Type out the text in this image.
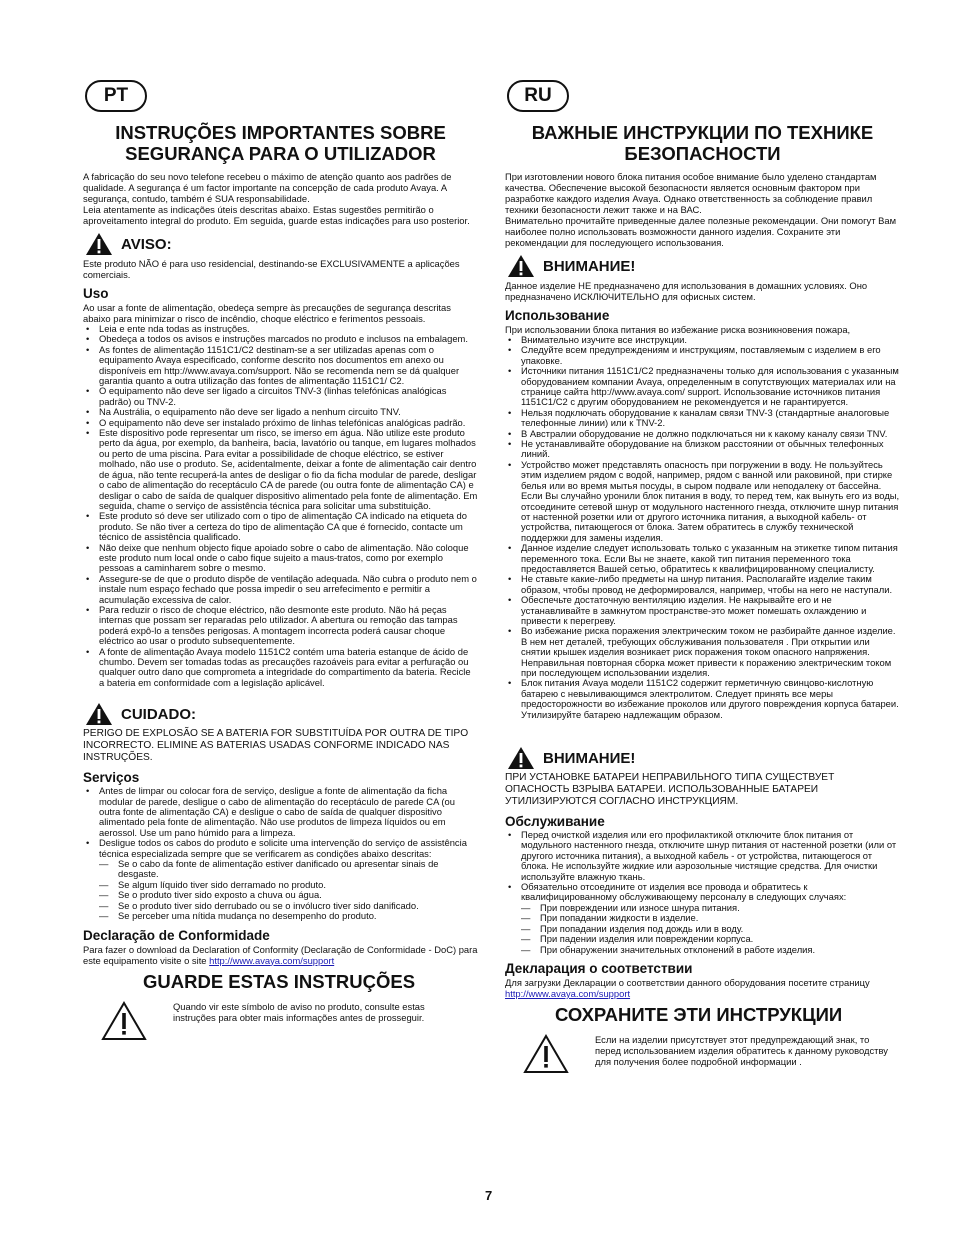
PT
INSTRUÇÕES IMPORTANTES SOBRE SEGURANÇA PARA O UTILIZADOR

A fabricação do seu novo telefone recebeu o máximo de atenção quanto aos padrões de qualidade. A segurança é um factor importante na concepção de cada produto Avaya. A segurança, contudo, também é SUA responsabilidade.

Leia atentamente as indicações úteis descritas abaixo. Estas sugestões permitirão o aproveitamento integral do produto. Em seguida, guarde estas indicações para uso posterior.

AVISO:

Este produto NÃO é para uso residencial, destinando-se EXCLUSIVAMENTE a aplicações comerciais.

Uso

Ao usar a fonte de alimentação, obedeça sempre às precauções de segurança descritas abaixo para minimizar o risco de incêndio, choque eléctrico e ferimentos pessoais.

• Leia e ente nda todas as instruções.
• Obedeça a todos os avisos e instruções marcados no produto e inclusos na embalagem.
• As fontes de alimentação 1151C1/C2 destinam-se a ser utilizadas apenas com o equipamento Avaya especificado, conforme descrito nos documentos em anexo ou disponíveis em http://www.avaya.com/support. Não se recomenda nem se dá qualquer garantia quanto a outra utilização das fontes de alimentação 1151C1/ C2.
• O equipamento não deve ser ligado a circuitos TNV-3 (linhas telefónicas analógicas padrão) ou TNV-2.
• Na Austrália, o equipamento não deve ser ligado a nenhum circuito TNV.
• O equipamento não deve ser instalado próximo de linhas telefónicas analógicas padrão.
• Este dispositivo pode representar um risco, se imerso em água. Não utilize este produto perto da água, por exemplo, da banheira, bacia, lavatório ou tanque, em lugares molhados ou perto de uma piscina. Para evitar a possibilidade de choque eléctrico, se estiver molhado, não use o produto. Se, acidentalmente, deixar a fonte de alimentação cair dentro de água, não tente recuperá-la antes de desligar o fio da ficha modular de parede, desligar o cabo de alimentação do receptáculo CA de parede (ou outra fonte de alimentação CA) e desligar o cabo de saída de qualquer dispositivo alimentado pela fonte de alimentação. Em seguida, chame o serviço de assistência técnica para solicitar uma substituição.
• Este produto só deve ser utilizado com o tipo de alimentação CA indicado na etiqueta do produto. Se não tiver a certeza do tipo de alimentação CA que é fornecido, contacte um técnico de assistência qualificado.
• Não deixe que nenhum objecto fique apoiado sobre o cabo de alimentação. Não coloque este produto num local onde o cabo fique sujeito a maus-tratos, como por exemplo pessoas a caminharem sobre o mesmo.
• Assegure-se de que o produto dispõe de ventilação adequada. Não cubra o produto nem o instale num espaço fechado que possa impedir o seu arrefecimento e permitir a acumulação excessiva de calor.
• Para reduzir o risco de choque eléctrico, não desmonte este produto. Não há peças internas que possam ser reparadas pelo utilizador. A abertura ou remoção das tampas poderá expô-lo a tensões perigosas. A montagem incorrecta poderá causar choque eléctrico ao usar o produto subsequentemente.
• A fonte de alimentação Avaya modelo 1151C2 contém uma bateria estanque de ácido de chumbo. Devem ser tomadas todas as precauções razoáveis para evitar a perfuração ou qualquer outro dano que comprometa a integridade do compartimento da bateria. Recicle a bateria em conformidade com a legislação aplicável.
CUIDADO:

PERIGO DE EXPLOSÃO SE A BATERIA FOR SUBSTITUÍDA POR OUTRA DE TIPO INCORRECTO. ELIMINE AS BATERIAS USADAS CONFORME INDICADO NAS INSTRUÇÕES.

Serviços
• Antes de limpar ou colocar fora de serviço, desligue a fonte de alimentação da ficha modular de parede, desligue o cabo de alimentação do receptáculo de parede CA (ou outra fonte de alimentação CA) e desligue o cabo de saída de qualquer dispositivo alimentado pela fonte de alimentação. Não use produtos de limpeza líquidos ou em aerossol. Use um pano húmido para a limpeza.
• Desligue todos os cabos do produto e solicite uma intervenção do serviço de assistência técnica especializada sempre que se verificarem as condições abaixo descritas:
— Se o cabo da fonte de alimentação estiver danificado ou apresentar sinais de desgaste.
— Se algum líquido tiver sido derramado no produto.
— Se o produto tiver sido exposto a chuva ou água.
— Se o produto tiver sido derrubado ou se o invólucro tiver sido danificado.
— Se perceber uma nítida mudança no desempenho do produto.
Declaração de Conformidade

Para fazer o download da Declaration of Conformity (Declaração de Conformidade - DoC) para este equipamento visite o site http://www.avaya.com/support

GUARDE ESTAS INSTRUÇÕES

Quando vir este símbolo de aviso no produto, consulte estas instruções para obter mais informações antes de prosseguir.

RU
ВАЖНЫЕ ИНСТРУКЦИИ ПО ТЕХНИКЕ БЕЗОПАСНОСТИ

При изготовлении нового блока питания особое внимание было уделено стандартам качества. Обеспечение высокой безопасности является основным фактором при разработке каждого изделия Avaya. Однако ответственность за соблюдение правил техники безопасности лежит также и на ВАС.

Внимательно прочитайте приведенные далее полезные рекомендации. Они помогут Вам наиболее полно использовать возможности данного изделия. Сохраните эти рекомендации для последующего использования.

ВНИМАНИЕ!

Данное изделие НЕ предназначено для использования в домашних условиях. Оно предназначено ИСКЛЮЧИТЕЛЬНО для офисных систем.

Использование

При использовании блока питания во избежание риска возникновения пожара,

• Внимательно изучите все инструкции.
• Следуйте всем предупреждениям и инструкциям, поставляемым с изделием в его упаковке.
• Источники питания 1151C1/C2 предназначены только для использования с указанным оборудованием компании Avaya, определенным в сопутствующих материалах или на странице сайта http://www.avaya.com/ support. Использование источников питания 1151C1/C2 с другим оборудованием не рекомендуется и не гарантируется.
• Нельзя подключать оборудование к каналам связи TNV-3 (стандартные аналоговые телефонные линии) или к TNV-2.
• В Австралии оборудование не должно подключаться ни к какому каналу связи TNV.
• Не устанавливайте оборудование на близком расстоянии от обычных телефонных линий.
• Устройство может представлять опасность при погружении в воду. Не пользуйтесь этим изделием рядом с водой, например, рядом с ванной или раковиной, при стирке белья или во время мытья посуды, в сыром подвале или неподалеку от бассейна. Если Вы случайно уронили блок питания в воду, то перед тем, как вынуть его из воды, отсоедините сетевой шнур от модульного настенного гнезда, отключите шнур питания от настенной розетки или от другого источника питания, а выходной кабель- от устройства, питающегося от блока. Затем обратитесь в службу технической поддержки для замены изделия.
• Данное изделие следует использовать только с указанным на этикетке типом питания переменного тока. Если Вы не знаете, какой тип питания переменного тока предоставляется Вашей сетью, обратитесь к квалифицированному специалисту.
• Не ставьте какие-либо предметы на шнур питания. Располагайте изделие таким образом, чтобы провод не деформировался, например, чтобы на него не наступали.
• Обеспечьте достаточную вентиляцию изделия. Не накрывайте его и не устанавливайте в замкнутом пространстве-это может помешать охлаждению и привести к перегреву.
• Во избежание риска поражения электрическим током не разбирайте данное изделие. В нем нет деталей, требующих обслуживания пользователя . При открытии или снятии крышек изделия возникает риск поражения током опасного напряжения. Неправильная повторная сборка может привести к поражению электрическим током при последующем использовании изделия.
• Блок питания Avaya модели 1151C2 содержит герметичную свинцово-кислотную батарею с невыливающимся электролитом. Следует принять все меры предосторожности во избежание проколов или другого повреждения корпуса батареи. Утилизируйте батарею надлежащим образом.
ВНИМАНИЕ!

ПРИ УСТАНОВКЕ БАТАРЕИ НЕПРАВИЛЬНОГО ТИПА СУЩЕСТВУЕТ ОПАСНОСТЬ ВЗРЫВА БАТАРЕИ. ИСПОЛЬЗОВАННЫЕ БАТАРЕИ УТИЛИЗИРУЮТСЯ СОГЛАСНО ИНСТРУКЦИЯМ.

Обслуживание
• Перед очисткой изделия или его профилактикой отключите блок питания от модульного настенного гнезда, отключите шнур питания от настенной розетки (или от другого источника питания), а выходной кабель - от устройства, питающегося от блока. Не используйте жидкие или аэрозольные чистящие средства. Для очистки используйте влажную ткань.
• Обязательно отсоедините от изделия все провода и обратитесь к квалифицированному обслуживающему персоналу в следующих случаях:
— При повреждении или износе шнура питания.
— При попадании жидкости в изделие.
— При попадании изделия под дождь или в воду.
— При падении изделия или повреждении корпуса.
— При обнаружении значительных отклонений в работе изделия.
Декларация о соответствии

Для загрузки Декларации о соответствии данного оборудования посетите страницу http://www.avaya.com/support

СОХРАНИТЕ ЭТИ ИНСТРУКЦИИ

Если на изделии присутствует этот предупреждающий знак, то перед использованием изделия обратитесь к данному руководству для получения более подробной информации .

7
